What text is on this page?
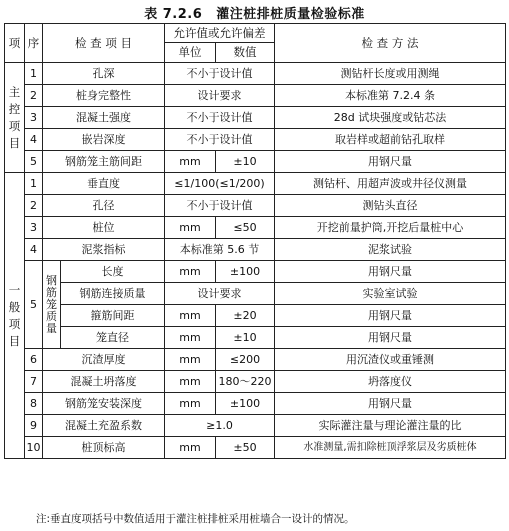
表 7.2.6 灌注桩排桩质量检验标准
项	序	检 查 项 目		允许值或允许偏差		检 查 方 法
				单位	数值	
主控项目	1	孔深		不小于设计值		测钻杆长度或用测绳
	2	桩身完整性		设计要求		本标准第 7.2.4 条
	3	混凝土强度		不小于设计值		28d 试块强度或钻芯法
	4	嵌岩深度		不小于设计值		取岩样或超前钻孔取样
	5	钢筋笼主筋间距		mm	±10	用钢尺量
一般项目	1	垂直度		≤1/100(≤1/200)		测钻杆、用超声波或井径仪测量
	2	孔径		不小于设计值		测钻头直径
	3	桩位		mm	≤50	开挖前量护筒,开挖后量桩中心
	4	泥浆指标		本标准第 5.6 节		泥浆试验
	5	钢筋笼质量	长度	mm	±100	用钢尺量
			钢筋连接质量	设计要求		实验室试验
			箍筋间距	mm	±20	用钢尺量
			笼直径	mm	±10	用钢尺量
	6	沉渣厚度		mm	≤200	用沉渣仪或重锤测
	7	混凝土坍落度		mm	180～220	坍落度仪
	8	钢筋笼安装深度		mm	±100	用钢尺量
	9	混凝土充盈系数		≥1.0		实际灌注量与理论灌注量的比
	10	桩顶标高		mm	±50	水准测量,需扣除桩顶浮浆层及劣质桩体
注:垂直度项括号中数值适用于灌注桩排桩采用桩墙合一设计的情况。
